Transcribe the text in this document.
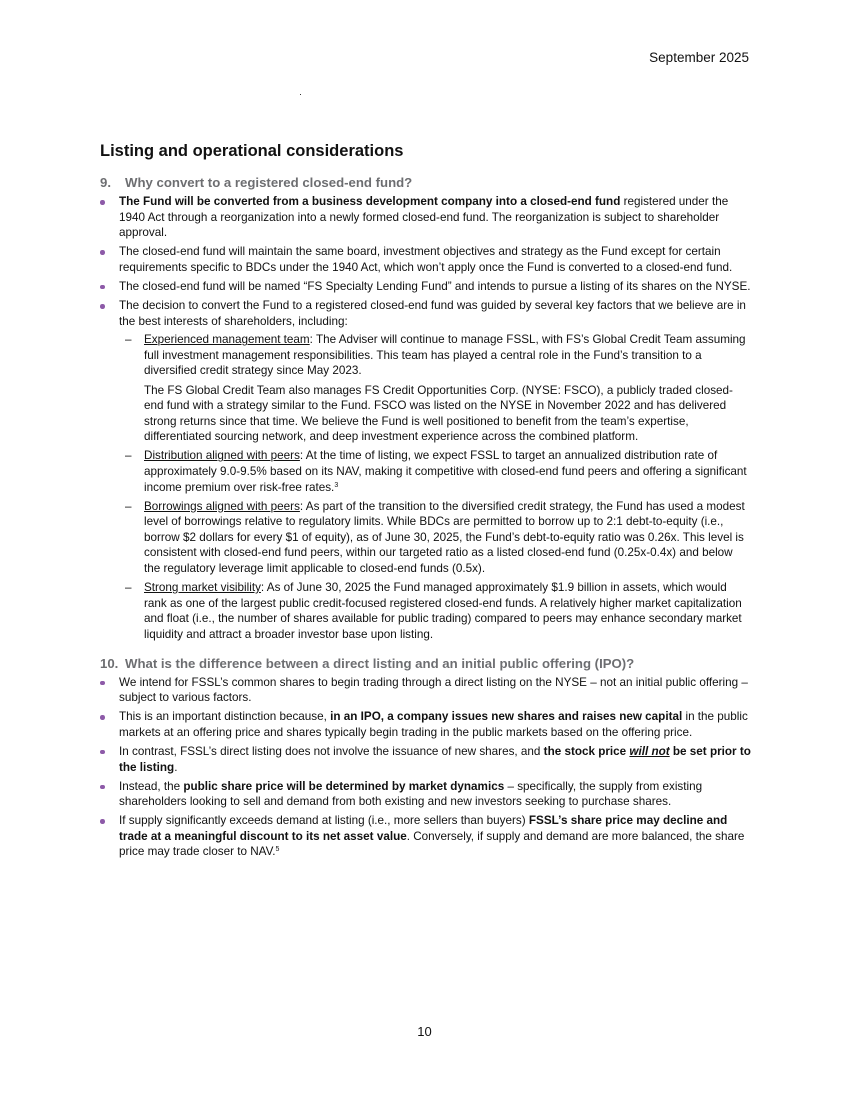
September 2025
Listing and operational considerations
9. Why convert to a registered closed-end fund?
The Fund will be converted from a business development company into a closed-end fund registered under the 1940 Act through a reorganization into a newly formed closed-end fund. The reorganization is subject to shareholder approval.
The closed-end fund will maintain the same board, investment objectives and strategy as the Fund except for certain requirements specific to BDCs under the 1940 Act, which won’t apply once the Fund is converted to a closed-end fund.
The closed-end fund will be named “FS Specialty Lending Fund” and intends to pursue a listing of its shares on the NYSE.
The decision to convert the Fund to a registered closed-end fund was guided by several key factors that we believe are in the best interests of shareholders, including:
– Experienced management team: The Adviser will continue to manage FSSL, with FS’s Global Credit Team assuming full investment management responsibilities. This team has played a central role in the Fund’s transition to a diversified credit strategy since May 2023.
The FS Global Credit Team also manages FS Credit Opportunities Corp. (NYSE: FSCO), a publicly traded closed-end fund with a strategy similar to the Fund. FSCO was listed on the NYSE in November 2022 and has delivered strong returns since that time. We believe the Fund is well positioned to benefit from the team’s expertise, differentiated sourcing network, and deep investment experience across the combined platform.
– Distribution aligned with peers: At the time of listing, we expect FSSL to target an annualized distribution rate of approximately 9.0-9.5% based on its NAV, making it competitive with closed-end fund peers and offering a significant income premium over risk-free rates.$^3$
– Borrowings aligned with peers: As part of the transition to the diversified credit strategy, the Fund has used a modest level of borrowings relative to regulatory limits. While BDCs are permitted to borrow up to 2:1 debt-to-equity (i.e., borrow $2 dollars for every $1 of equity), as of June 30, 2025, the Fund’s debt-to-equity ratio was 0.26x. This level is consistent with closed-end fund peers, within our targeted ratio as a listed closed-end fund (0.25x-0.4x) and below the regulatory leverage limit applicable to closed-end funds (0.5x).
– Strong market visibility: As of June 30, 2025 the Fund managed approximately $1.9 billion in assets, which would rank as one of the largest public credit-focused registered closed-end funds. A relatively higher market capitalization and float (i.e., the number of shares available for public trading) compared to peers may enhance secondary market liquidity and attract a broader investor base upon listing.
10. What is the difference between a direct listing and an initial public offering (IPO)?
We intend for FSSL’s common shares to begin trading through a direct listing on the NYSE – not an initial public offering – subject to various factors.
This is an important distinction because, in an IPO, a company issues new shares and raises new capital in the public markets at an offering price and shares typically begin trading in the public markets based on the offering price.
In contrast, FSSL’s direct listing does not involve the issuance of new shares, and the stock price will not be set prior to the listing.
Instead, the public share price will be determined by market dynamics – specifically, the supply from existing shareholders looking to sell and demand from both existing and new investors seeking to purchase shares.
If supply significantly exceeds demand at listing (i.e., more sellers than buyers) FSSL’s share price may decline and trade at a meaningful discount to its net asset value. Conversely, if supply and demand are more balanced, the share price may trade closer to NAV.$^5$
10
